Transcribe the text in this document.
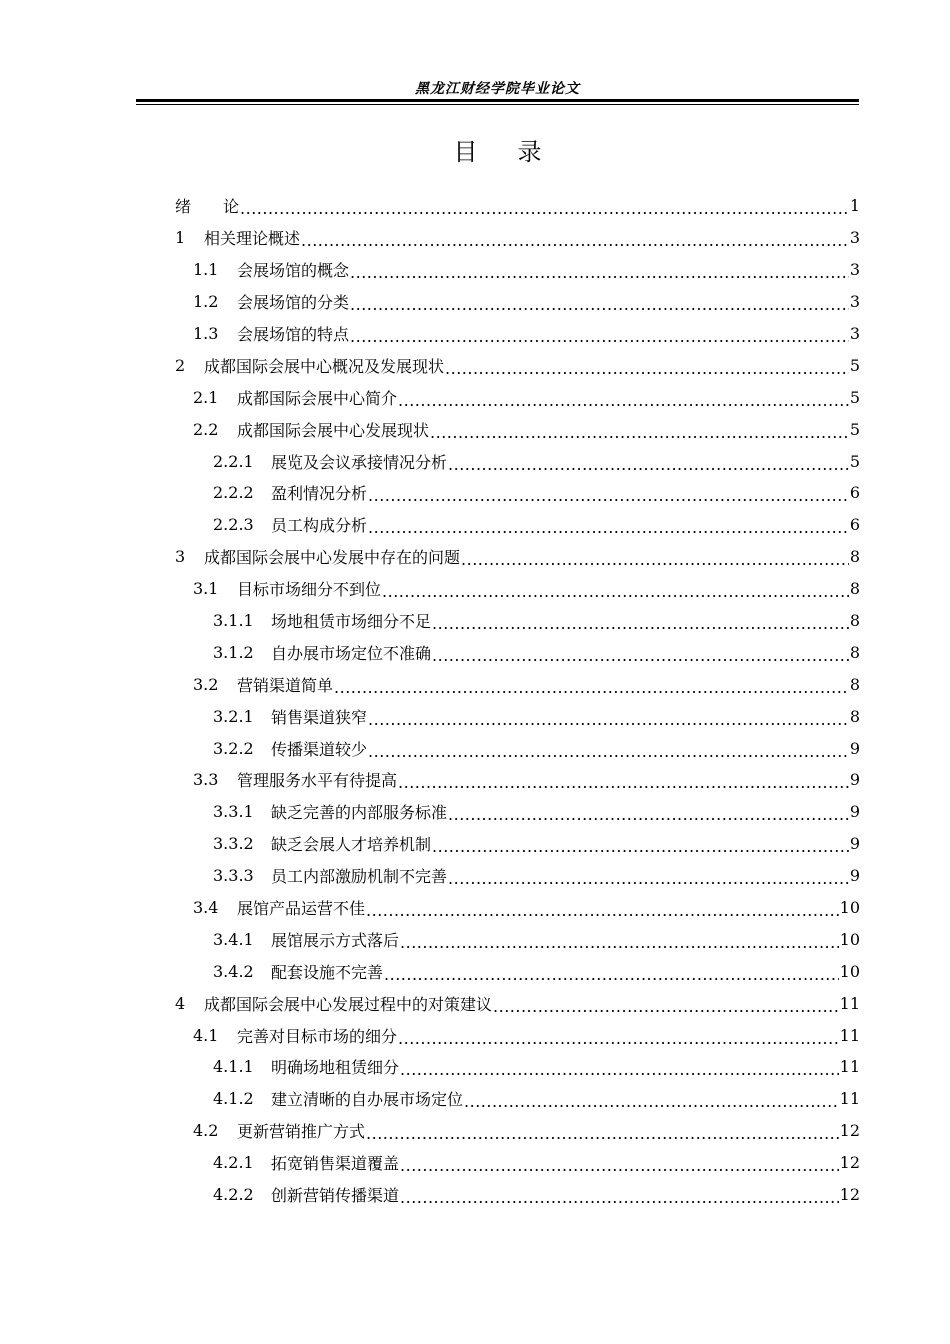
黑龙江财经学院毕业论文
目录
绪　　论 .....	1
1	相关理论概述 .....	3
1.1	会展场馆的概念 .....	3
1.2	会展场馆的分类 .....	3
1.3	会展场馆的特点 .....	3
2	成都国际会展中心概况及发展现状 .....	5
2.1	成都国际会展中心简介 .....	5
2.2	成都国际会展中心发展现状 .....	5
2.2.1	展览及会议承接情况分析 .....	5
2.2.2	盈利情况分析 .....	6
2.2.3	员工构成分析 .....	6
3	成都国际会展中心发展中存在的问题 .....	8
3.1	目标市场细分不到位 .....	8
3.1.1	场地租赁市场细分不足 .....	8
3.1.2	自办展市场定位不准确 .....	8
3.2	营销渠道简单 .....	8
3.2.1	销售渠道狭窄 .....	8
3.2.2	传播渠道较少 .....	9
3.3	管理服务水平有待提高 .....	9
3.3.1	缺乏完善的内部服务标准 .....	9
3.3.2	缺乏会展人才培养机制 .....	9
3.3.3	员工内部激励机制不完善 .....	9
3.4	展馆产品运营不佳 .....	10
3.4.1	展馆展示方式落后 .....	10
3.4.2	配套设施不完善 .....	10
4	成都国际会展中心发展过程中的对策建议 .....	11
4.1	完善对目标市场的细分 .....	11
4.1.1	明确场地租赁细分 .....	11
4.1.2	建立清晰的自办展市场定位 .....	11
4.2	更新营销推广方式 .....	12
4.2.1	拓宽销售渠道覆盖 .....	12
4.2.2	创新营销传播渠道 .....	12
